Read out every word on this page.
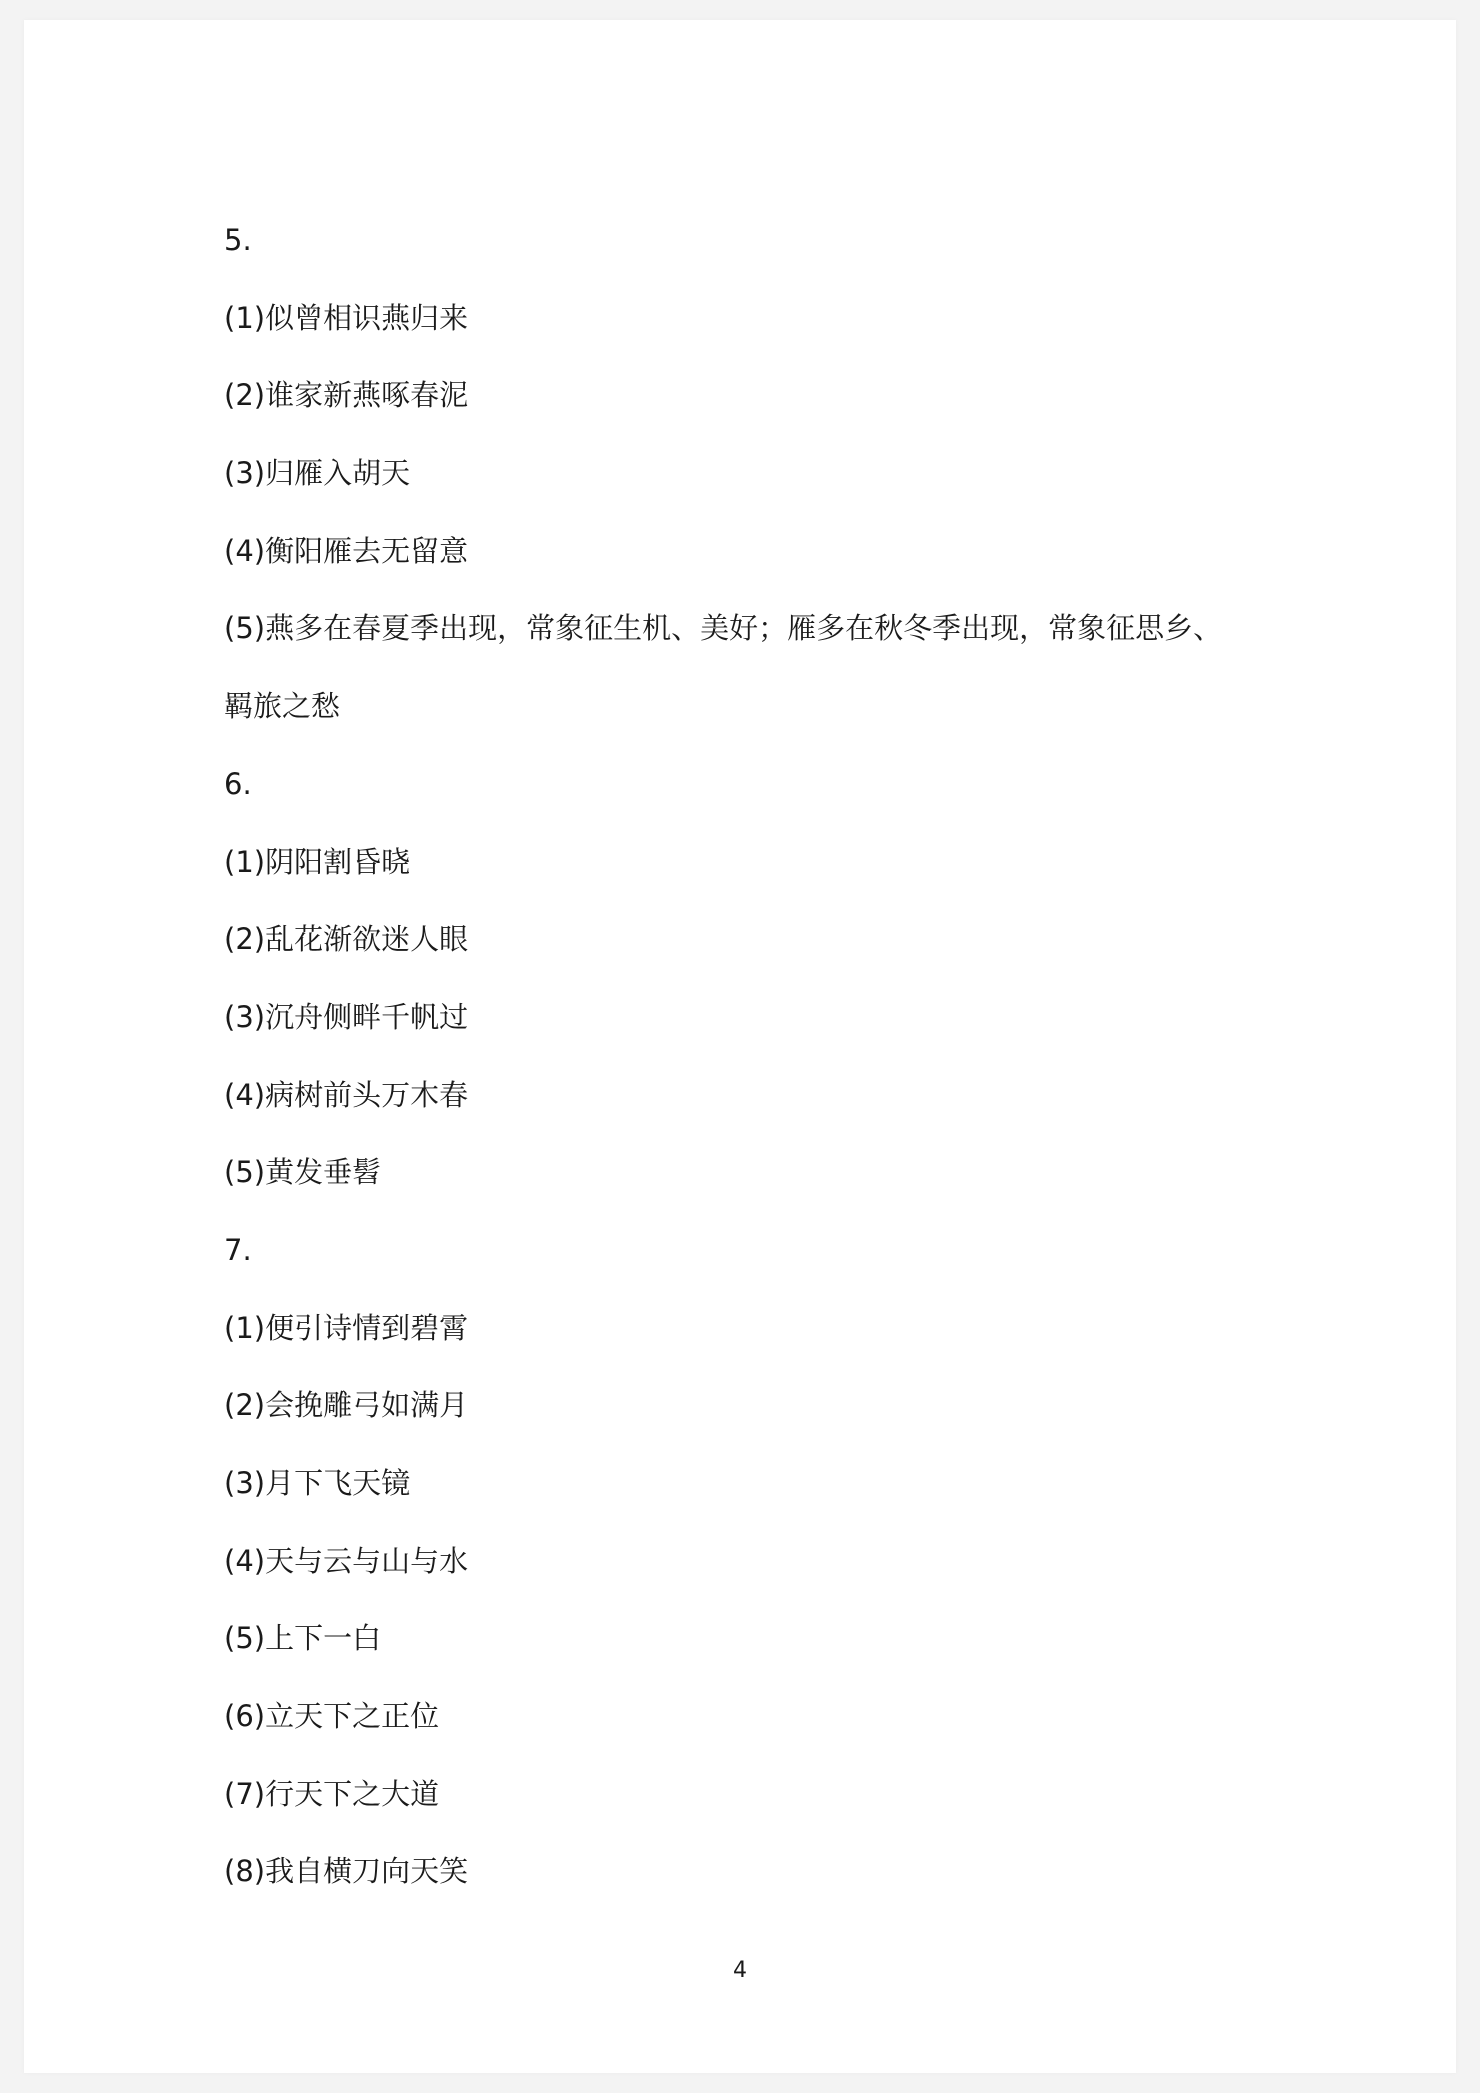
5.
(1)似曾相识燕归来
(2)谁家新燕啄春泥
(3)归雁入胡天
(4)衡阳雁去无留意
(5)燕多在春夏季出现，常象征生机、美好；雁多在秋冬季出现，常象征思乡、
羁旅之愁
6.
(1)阴阳割昏晓
(2)乱花渐欲迷人眼
(3)沉舟侧畔千帆过
(4)病树前头万木春
(5)黄发垂髫
7.
(1)便引诗情到碧霄
(2)会挽雕弓如满月
(3)月下飞天镜
(4)天与云与山与水
(5)上下一白
(6)立天下之正位
(7)行天下之大道
(8)我自横刀向天笑
4
